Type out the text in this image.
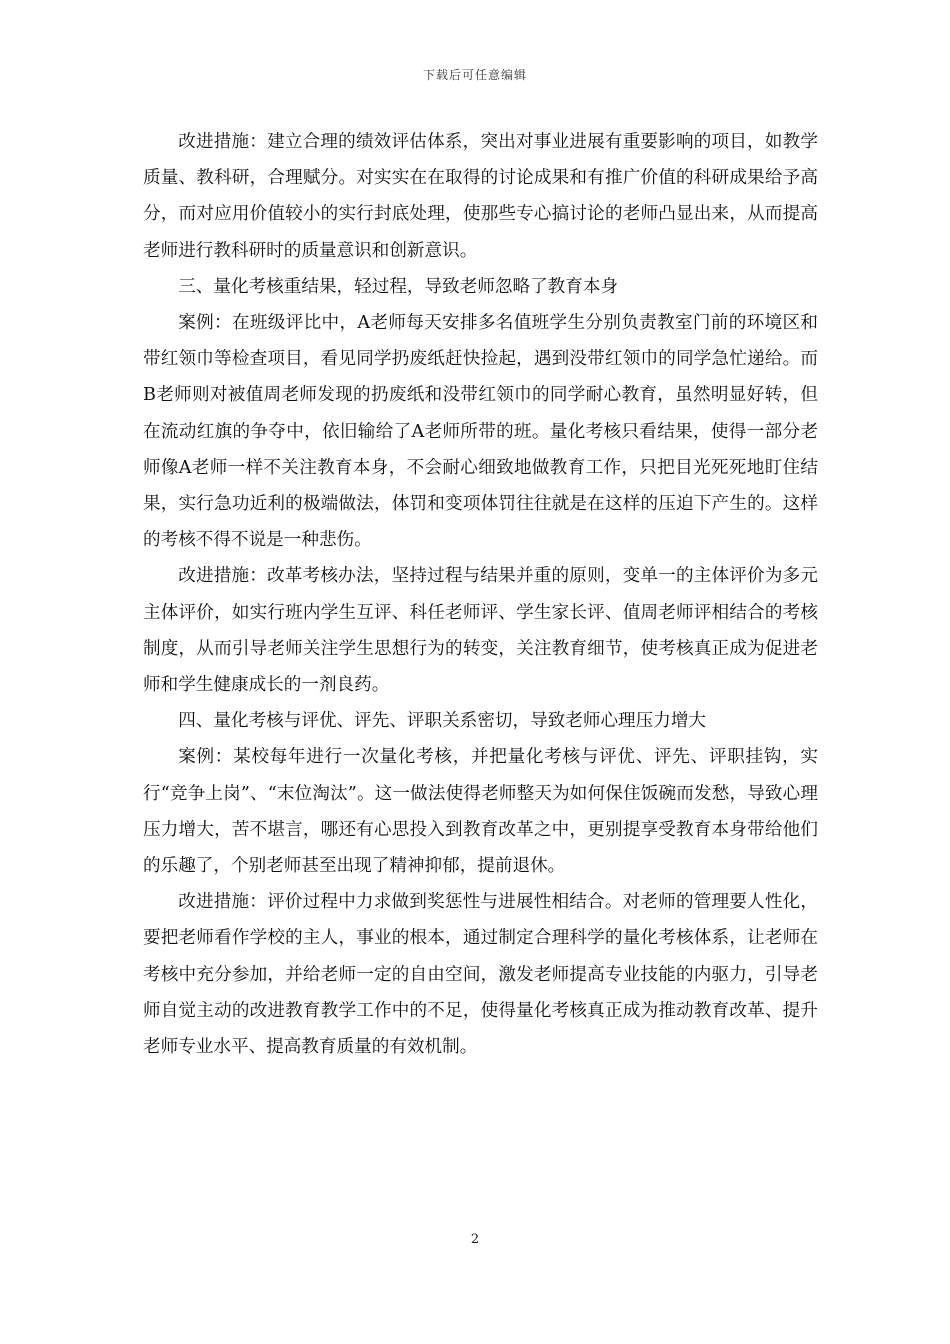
下载后可任意编辑

改进措施：建立合理的绩效评估体系，突出对事业进展有重要影响的项目，如教学质量、教科研，合理赋分。对实实在在取得的讨论成果和有推广价值的科研成果给予高分，而对应用价值较小的实行封底处理，使那些专心搞讨论的老师凸显出来，从而提高老师进行教科研时的质量意识和创新意识。

三、量化考核重结果，轻过程，导致老师忽略了教育本身

案例：在班级评比中，A老师每天安排多名值班学生分别负责教室门前的环境区和带红领巾等检查项目，看见同学扔废纸赶快捡起，遇到没带红领巾的同学急忙递给。而B老师则对被值周老师发现的扔废纸和没带红领巾的同学耐心教育，虽然明显好转，但在流动红旗的争夺中，依旧输给了A老师所带的班。量化考核只看结果，使得一部分老师像A老师一样不关注教育本身，不会耐心细致地做教育工作，只把目光死死地盯住结果，实行急功近利的极端做法，体罚和变项体罚往往就是在这样的压迫下产生的。这样的考核不得不说是一种悲伤。

改进措施：改革考核办法，坚持过程与结果并重的原则，变单一的主体评价为多元主体评价，如实行班内学生互评、科任老师评、学生家长评、值周老师评相结合的考核制度，从而引导老师关注学生思想行为的转变，关注教育细节，使考核真正成为促进老师和学生健康成长的一剂良药。

四、量化考核与评优、评先、评职关系密切，导致老师心理压力增大

案例：某校每年进行一次量化考核，并把量化考核与评优、评先、评职挂钩，实行“竞争上岗”、“末位淘汰”。这一做法使得老师整天为如何保住饭碗而发愁，导致心理压力增大，苦不堪言，哪还有心思投入到教育改革之中，更别提享受教育本身带给他们的乐趣了，个别老师甚至出现了精神抑郁，提前退休。

改进措施：评价过程中力求做到奖惩性与进展性相结合。对老师的管理要人性化，要把老师看作学校的主人，事业的根本，通过制定合理科学的量化考核体系，让老师在考核中充分参加，并给老师一定的自由空间，激发老师提高专业技能的内驱力，引导老师自觉主动的改进教育教学工作中的不足，使得量化考核真正成为推动教育改革、提升老师专业水平、提高教育质量的有效机制。

2
